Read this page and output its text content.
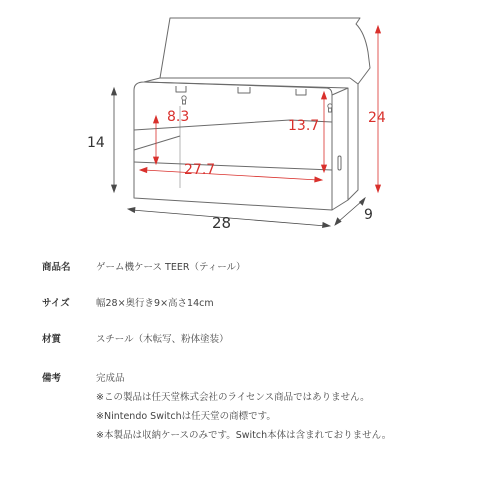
14
28	9
24
8.3
13.7
27.7
商品名	ゲーム機ケース TEER（ティール）
サイズ	幅28×奥行き9×高さ14cm
材質	スチール（木転写、粉体塗装）
備考	完成品
※この製品は任天堂株式会社のライセンス商品ではありません。
※Nintendo Switchは任天堂の商標です。
※本製品は収納ケースのみです。Switch本体は含まれておりません。
